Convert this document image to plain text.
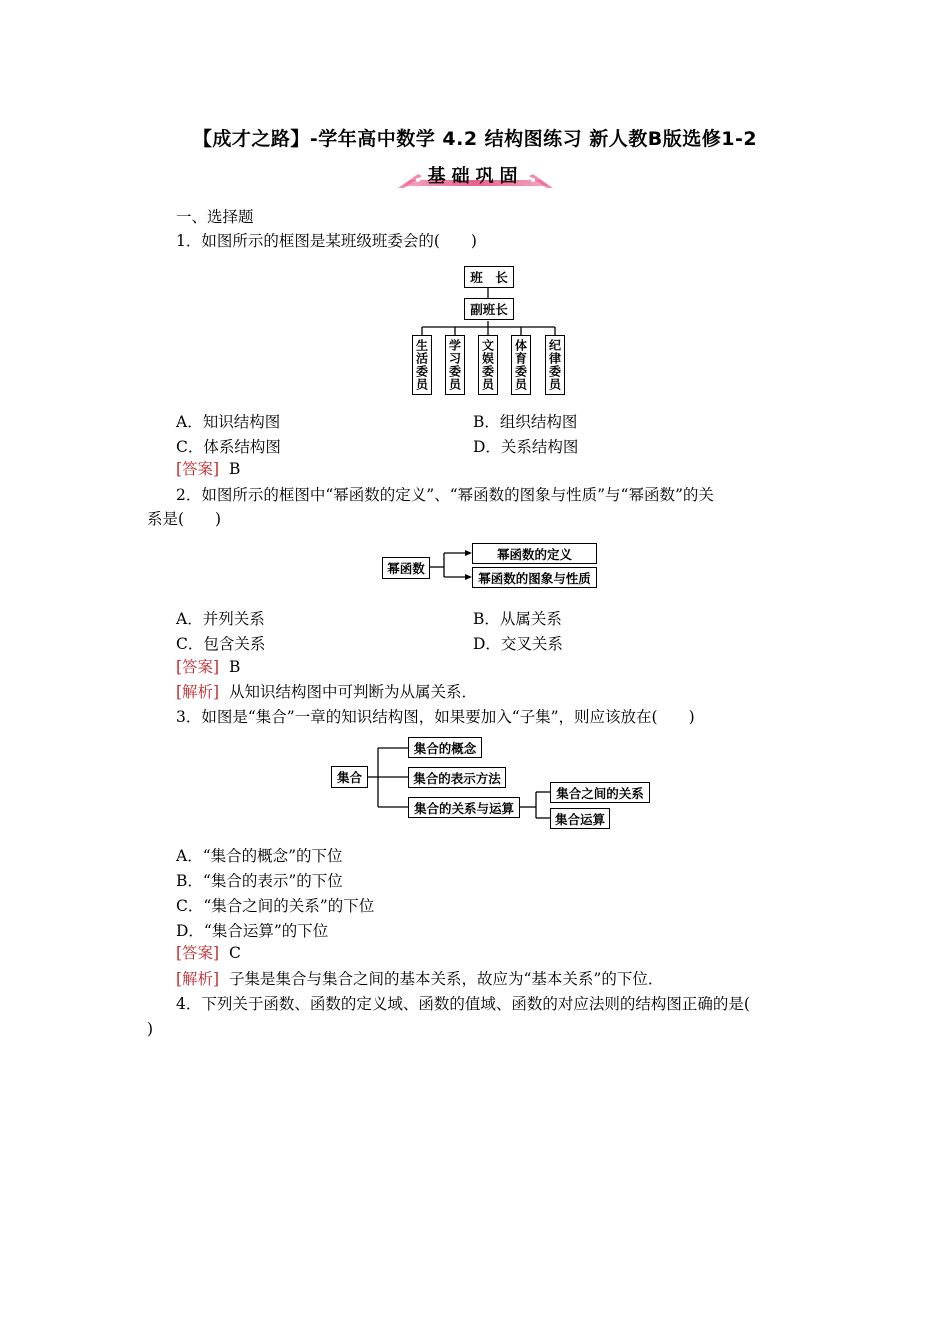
【成才之路】-学年高中数学 4.2 结构图练习 新人教B版选修1-2
基础巩固
一、选择题
1．如图所示的框图是某班级班委会的(　　)
班　长
副班长
生活委员 学习委员 文娱委员 体育委员 纪律委员
A．知识结构图	B．组织结构图
C．体系结构图	D．关系结构图
[答案] B
2．如图所示的框图中“幂函数的定义”、“幂函数的图象与性质”与“幂函数”的关
系是(　　)
幂函数
幂函数的定义
幂函数的图象与性质
A．并列关系	B．从属关系
C．包含关系	D．交叉关系
[答案] B
[解析] 从知识结构图中可判断为从属关系．
3．如图是“集合”一章的知识结构图，如果要加入“子集”，则应该放在(　　)
集合
集合的概念
集合的表示方法
集合的关系与运算
集合之间的关系
集合运算
A．“集合的概念”的下位
B．“集合的表示”的下位
C．“集合之间的关系”的下位
D．“集合运算”的下位
[答案] C
[解析] 子集是集合与集合之间的基本关系，故应为“基本关系”的下位．
4．下列关于函数、函数的定义域、函数的值域、函数的对应法则的结构图正确的是(
)
